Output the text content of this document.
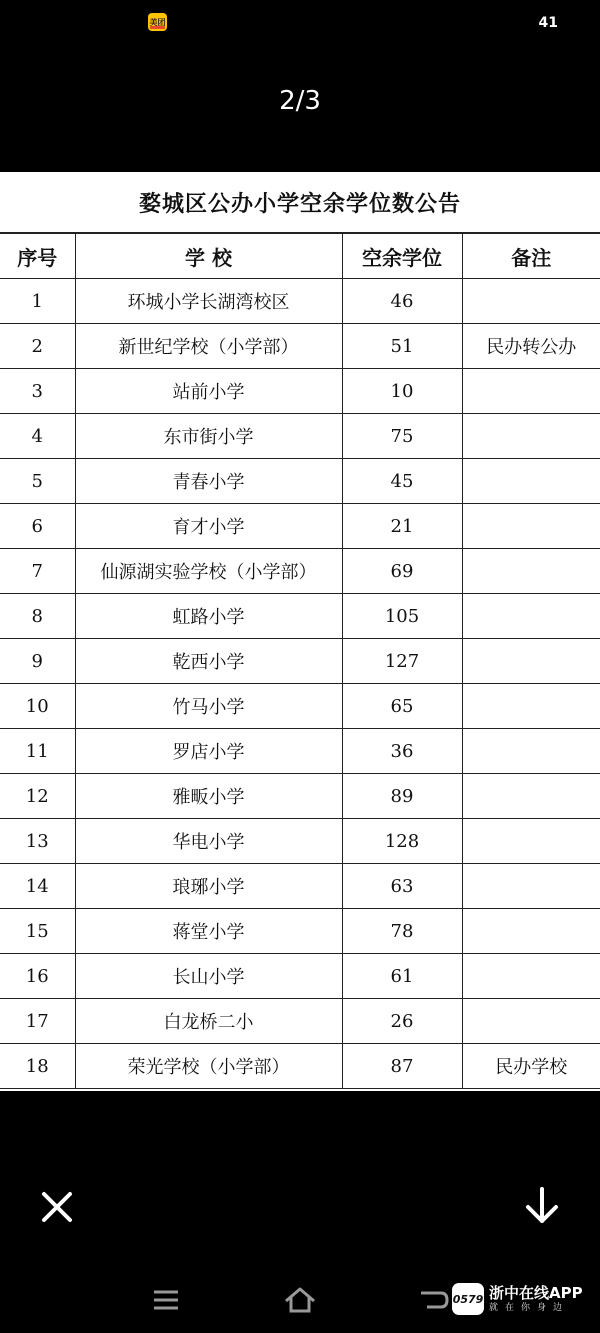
美团	41
2/3
婺城区公办小学空余学位数公告
序号	学 校	空余学位	备注
1	环城小学长湖湾校区	46	
2	新世纪学校（小学部）	51	民办转公办
3	站前小学	10	
4	东市街小学	75	
5	青春小学	45	
6	育才小学	21	
7	仙源湖实验学校（小学部）	69	
8	虹路小学	105	
9	乾西小学	127	
10	竹马小学	65	
11	罗店小学	36	
12	雅畈小学	89	
13	华电小学	128	
14	琅琊小学	63	
15	蒋堂小学	78	
16	长山小学	61	
17	白龙桥二小	26	
18	荣光学校（小学部）	87	民办学校
0579 浙中在线APP
就在你身边
